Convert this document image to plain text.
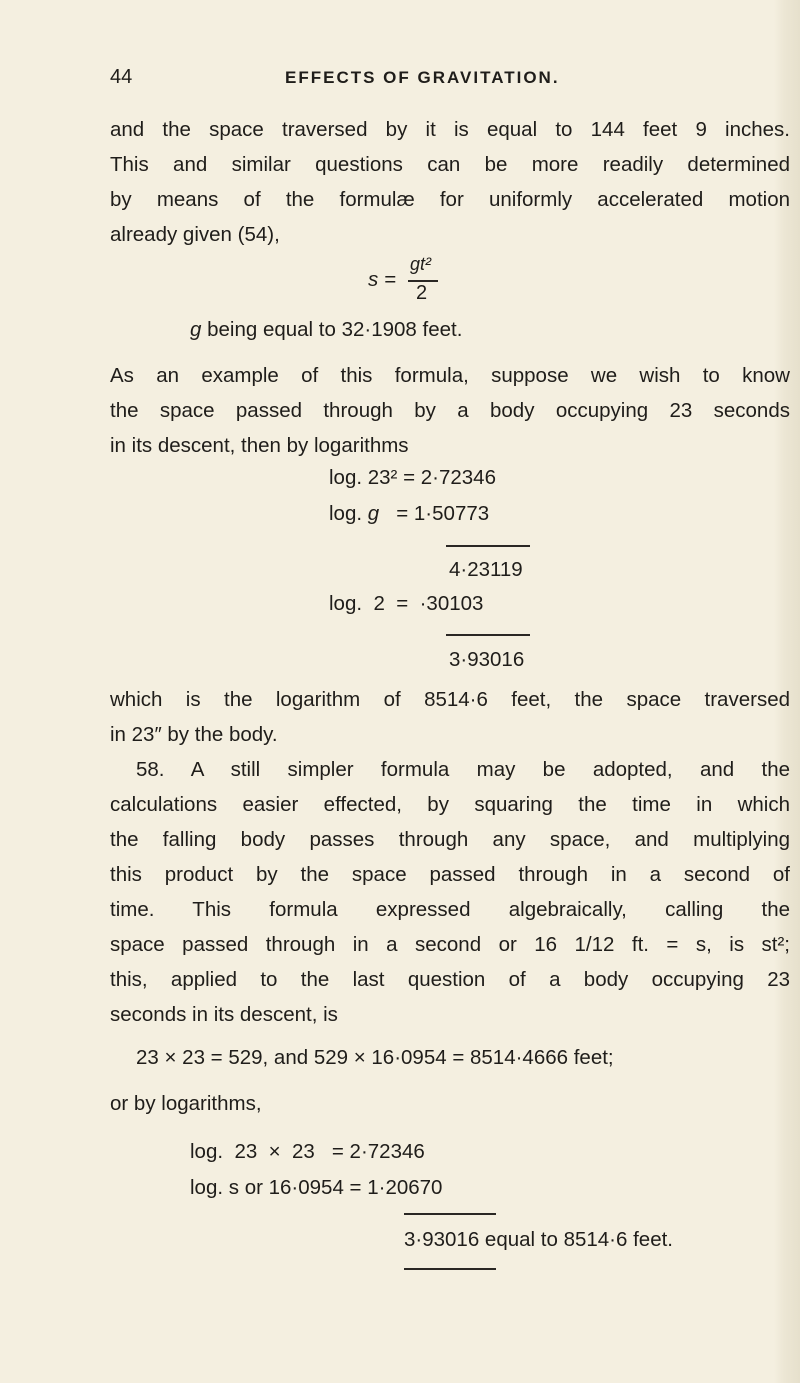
44	EFFECTS OF GRAVITATION.

and the space traversed by it is equal to 144 feet 9 inches.

This and similar questions can be more readily determined

by means of the formulæ for uniformly accelerated motion

already given (54),

s =
gt²
2
g being equal to 32·1908 feet.

As an example of this formula, suppose we wish to know

the space passed through by a body occupying 23 seconds

in its descent, then by logarithms

log. 23² = 2·72346
log. g   = 1·50773
4·23119
log.  2  =  ·30103
3·93016

which is the logarithm of 8514·6 feet, the space traversed

in 23″ by the body.

58. A still simpler formula may be adopted, and the

calculations easier effected, by squaring the time in which

the falling body passes through any space, and multiplying

this product by the space passed through in a second of

time. This formula expressed algebraically, calling the

space passed through in a second or 16 1/12 ft. = s, is st²;

this, applied to the last question of a body occupying 23

seconds in its descent, is

23 × 23 = 529, and 529 × 16·0954 = 8514·4666 feet;
or by logarithms,
log.  23  ×  23   = 2·72346
log. s or 16·0954 = 1·20670
3·93016 equal to 8514·6 feet.
